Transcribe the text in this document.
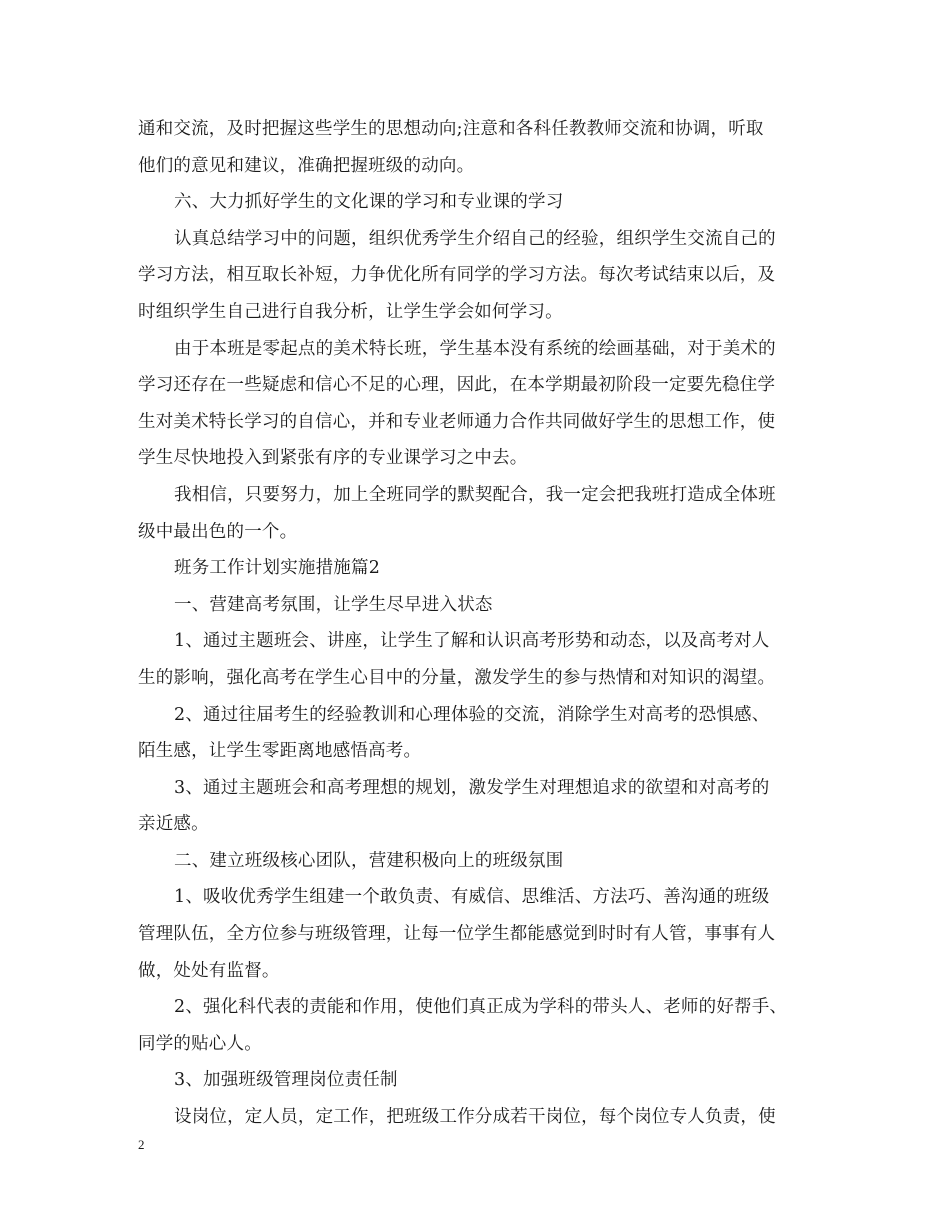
通和交流，及时把握这些学生的思想动向;注意和各科任教教师交流和协调，听取
他们的意见和建议，准确把握班级的动向。
六、大力抓好学生的文化课的学习和专业课的学习
认真总结学习中的问题，组织优秀学生介绍自己的经验，组织学生交流自己的
学习方法，相互取长补短，力争优化所有同学的学习方法。每次考试结束以后，及
时组织学生自己进行自我分析，让学生学会如何学习。
由于本班是零起点的美术特长班，学生基本没有系统的绘画基础，对于美术的
学习还存在一些疑虑和信心不足的心理，因此，在本学期最初阶段一定要先稳住学
生对美术特长学习的自信心，并和专业老师通力合作共同做好学生的思想工作，使
学生尽快地投入到紧张有序的专业课学习之中去。
我相信，只要努力，加上全班同学的默契配合，我一定会把我班打造成全体班
级中最出色的一个。
班务工作计划实施措施篇2
一、营建高考氛围，让学生尽早进入状态
1、通过主题班会、讲座，让学生了解和认识高考形势和动态，以及高考对人
生的影响，强化高考在学生心目中的分量，激发学生的参与热情和对知识的渴望。
2、通过往届考生的经验教训和心理体验的交流，消除学生对高考的恐惧感、
陌生感，让学生零距离地感悟高考。
3、通过主题班会和高考理想的规划，激发学生对理想追求的欲望和对高考的
亲近感。
二、建立班级核心团队，营建积极向上的班级氛围
1、吸收优秀学生组建一个敢负责、有威信、思维活、方法巧、善沟通的班级
管理队伍，全方位参与班级管理，让每一位学生都能感觉到时时有人管，事事有人
做，处处有监督。
2、强化科代表的责能和作用，使他们真正成为学科的带头人、老师的好帮手、
同学的贴心人。
3、加强班级管理岗位责任制
设岗位，定人员，定工作，把班级工作分成若干岗位，每个岗位专人负责，使
2
